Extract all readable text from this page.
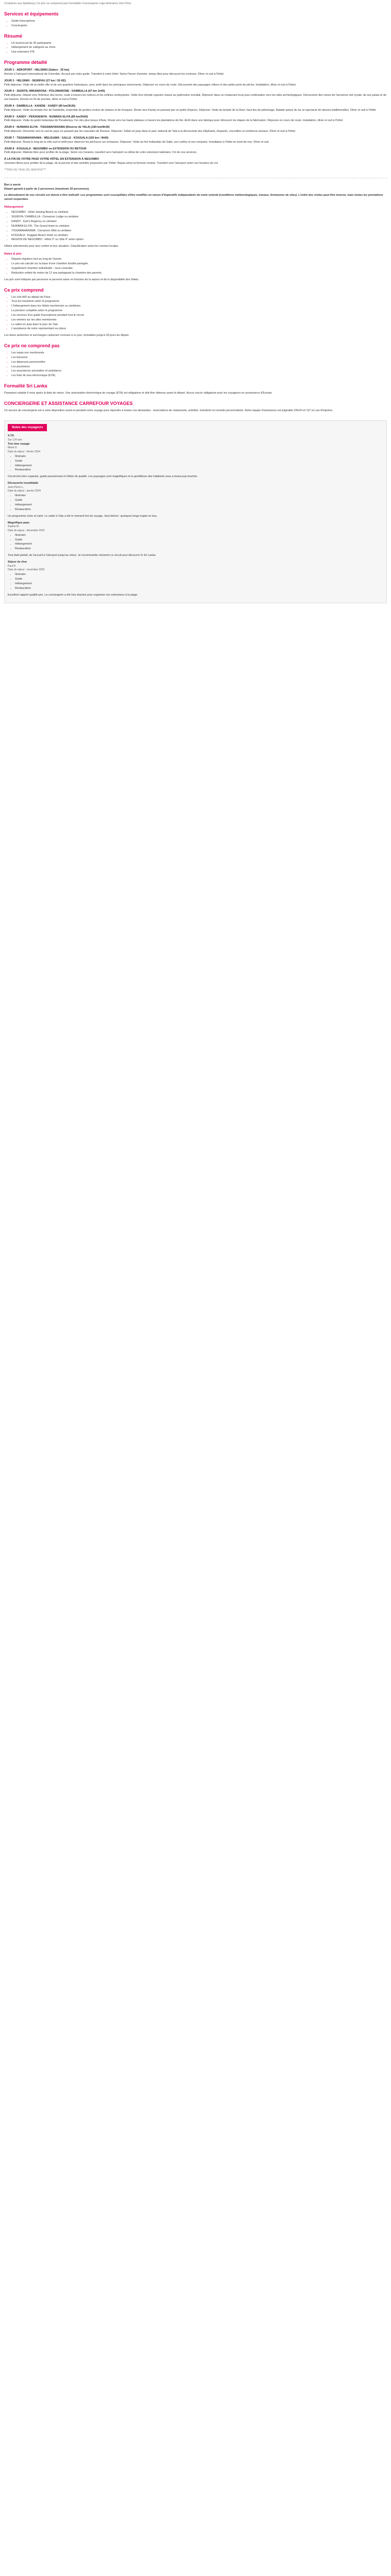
Croisières aux Spitzberg | Ce prix ne comprend pas Formalités Conciergerie Loge Itinéraires Voir-Chiot
Services et équipements
• Guide francophone
• Conciergerie
Résumé
• Un tour/circuit de 30 participants
• Hébergement de catégorie au choix
• Une extension 5*À
Programme détaillé
JOUR 1 · AÉROPORT - HELSINKI (Gabes · 25 km)

Arrivée à l'aéroport international de Colombie. Accueil par votre guide. Transfert à votre hôtel. Selon l'heure d'arrivée, temps libre pour découvrir les environs. Dîner et nuit à l'hôtel.

JOUR 2 · HELSINKI - SIGRIFAU (27 km / 30 KÉ)

Petit-déjeuner. Visite de la vieille ville et de ses quartiers historiques, avec arrêt dans les principaux monuments. Déjeuner en cours de route. Découverte des paysages côtiers et des petits ports de pêche. Installation, dîner et nuit à l'hôtel.

JOUR 3 · SIGRITA, MIRANDONA - POLOMARONE · DAMBULLA (47 km 1h45)

Petit-déjeuner. Départ vers l'intérieur des terres, route à travers les rizières et les collines verdoyantes. Visite d'un temple rupestre classé au patrimoine mondial. Déjeuner dans un restaurant local puis continuation vers les sites archéologiques. Découverte des ruines de l'ancienne cité royale, de ses palais et de ses bassins. Arrivée en fin de journée, dîner et nuit à l'hôtel.

JOUR 4 · DAMBULLA - KANDIE · KANDY (90 km/3h30)

Petit-déjeuner. Visite du temple d'or de Dambulla, ensemble de grottes ornées de statues et de fresques. Route vers Kandy en passant par un jardin d'épices. Déjeuner. Visite du temple de la Dent, haut lieu de pèlerinage. Balade autour du lac et spectacle de danses traditionnelles. Dîner et nuit à l'hôtel.

JOUR 5 · KANDY - PERADENIYA - NUWARA ELIYA (85 km/3h00)

Petit-déjeuner. Visite du jardin botanique de Peradeniya, l'un des plus beaux d'Asie. Route vers les hauts plateaux à travers les plantations de thé. Arrêt dans une fabrique pour découvrir les étapes de la fabrication. Déjeuner en cours de route. Installation, dîner et nuit à l'hôtel.

JOUR 6 · NUWARA ELIYA - TISSAMAHARAMA (Réserve de YALA) (165 km/4h30)

Petit-déjeuner. Descente vers le sud du pays en passant par les cascades de Ravana. Déjeuner. Safari en jeep dans le parc national de Yala à la découverte des éléphants, léopards, crocodiles et nombreux oiseaux. Dîner et nuit à l'hôtel.

JOUR 7 · TISSAMAHARAMA - WELIGAMA - GALLE · KOGGALA (150 km / 4h00)

Petit-déjeuner. Route le long de la côte sud et arrêt pour observer les pêcheurs sur échasses. Déjeuner. Visite du fort hollandais de Galle, ses ruelles et ses remparts. Installation à l'hôtel en bord de mer. Dîner et nuit.

JOUR 8 · KOGGALA - NEGOMBO ou EXTENSION OU RETOUR

Petit-déjeuner. Matinée libre pour profiter de la plage. Selon vos horaires, transfert vers l'aéroport ou début de votre extension balnéaire. Fin de nos services.

À LA FIN DE VOTRE PASS VOTRE HÔTEL EN EXTENSION À NEGOMBO

Journées libres pour profiter de la plage, de la piscine et des activités proposées par l'hôtel. Repas selon la formule choisie. Transfert vers l'aéroport selon vos horaires de vol.

***PAS DE TAXE DE SERVICE***

Bon à savoir

Départ garanti à partir de 2 personnes (maximum 30 personnes).

Le déroulement de nos circuits est donné à titre indicatif. Les programmes sont susceptibles d'être modifiés en raison d'impératifs indépendants de notre volonté (conditions météorologiques, travaux, fermetures de sites). L'ordre des visites peut être inversé, mais toutes les prestations seront respectées.

Hébergement
• NEGOMBO : Hôtel Jetwing Beach ou similaire
• SIGIRIYA / DAMBULLA : Cinnamon Lodge ou similaire
• KANDY : Earl's Regency ou similaire
• NUWARA ELIYA : The Grand Hotel ou similaire
• TISSAMAHARAMA : Cinnamon Wild ou similaire
• KOGGALA : Koggala Beach Hotel ou similaire
• REGION DE NEGOMBO : Hôtel 3* ou Villa 4* selon option

Hôtels sélectionnés pour leur confort et leur situation. Classification selon les normes locales.

Dates & prix
• Départs réguliers tout au long de l'année.
• Le prix est calculé sur la base d'une chambre double partagée.
• Supplément chambre individuelle : nous consulter.
• Réduction enfant de moins de 12 ans partageant la chambre des parents.

Les prix sont indiqués par personne et peuvent varier en fonction de la saison et de la disponibilité des hôtels.

Ce prix comprend
• Les vols A/R au départ de Paris
• Tous les transferts selon le programme
• L'hébergement dans les hôtels mentionnés ou similaires
• La pension complète selon le programme
• Les services d'un guide francophone pendant tout le circuit
• Les entrées sur les sites mentionnés
• Le safari en jeep dans le parc de Yala
• L'assistance de notre représentant sur place

Les taxes aériennes et surcharges carburant connues à ce jour, révisables jusqu'à 30 jours du départ.

Ce prix ne comprend pas
• Les repas non mentionnés
• Les boissons
• Les dépenses personnelles
• Les pourboires
• Les assurances annulation et assistance
• Les frais de visa électronique (ETA)
Formalité Sri Lanka

Passeport valable 6 mois après la date de retour. Une autorisation électronique de voyage (ETA) est obligatoire et doit être obtenue avant le départ. Aucun vaccin obligatoire pour les voyageurs en provenance d'Europe.

CONCIERGERIE ET ASSISTANCE CARREFOUR VOYAGES

Un service de conciergerie est à votre disposition avant et pendant votre voyage pour répondre à toutes vos demandes : réservations de restaurants, activités, transferts et conseils personnalisés. Notre équipe d'assistance est joignable 24h/24 et 7j/7 en cas d'imprévu.

Notes des voyageurs
4.7/5
Sur 124 avis
Très bon voyage
Marie D.
Date du séjour : février 2024
• Itinéraire
• Guide
• Hébergement
• Restauration

Circuit très bien organisé, guide passionnant et hôtels de qualité. Les paysages sont magnifiques et la gentillesse des habitants nous a beaucoup touchés.

Découverte inoubliable
Jean-Pierre L.
Date du séjour : janvier 2024
• Itinéraire
• Guide
• Hébergement
• Restauration

Un programme riche et varié. Le safari à Yala a été le moment fort du voyage. Seul bémol : quelques longs trajets en bus.

Magnifique pays
Sophie M.
Date du séjour : décembre 2023
• Itinéraire
• Guide
• Hébergement
• Restauration

Tout était parfait, de l'accueil à l'aéroport jusqu'au retour. Je recommande vivement ce circuit pour découvrir le Sri Lanka.

Séjour de rêve
Paul R.
Date du séjour : novembre 2023
• Itinéraire
• Guide
• Hébergement
• Restauration

Excellent rapport qualité-prix. La conciergerie a été très réactive pour organiser nos extensions à la plage.
